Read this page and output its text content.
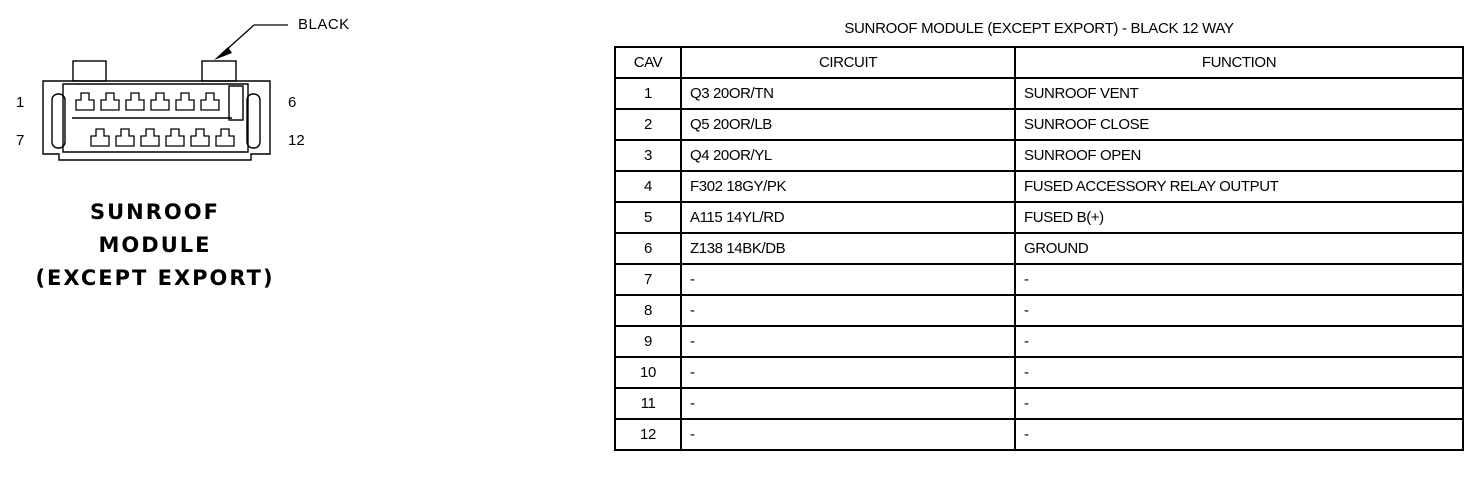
BLACK
1
7
6
12
SUNROOF
MODULE
(EXCEPT EXPORT)
SUNROOF MODULE (EXCEPT EXPORT) - BLACK 12 WAY
CAV	CIRCUIT	FUNCTION
1	Q3 20OR/TN	SUNROOF VENT
2	Q5 20OR/LB	SUNROOF CLOSE
3	Q4 20OR/YL	SUNROOF OPEN
4	F302 18GY/PK	FUSED ACCESSORY RELAY OUTPUT
5	A115 14YL/RD	FUSED B(+)
6	Z138 14BK/DB	GROUND
7	-	-
8	-	-
9	-	-
10	-	-
11	-	-
12	-	-
